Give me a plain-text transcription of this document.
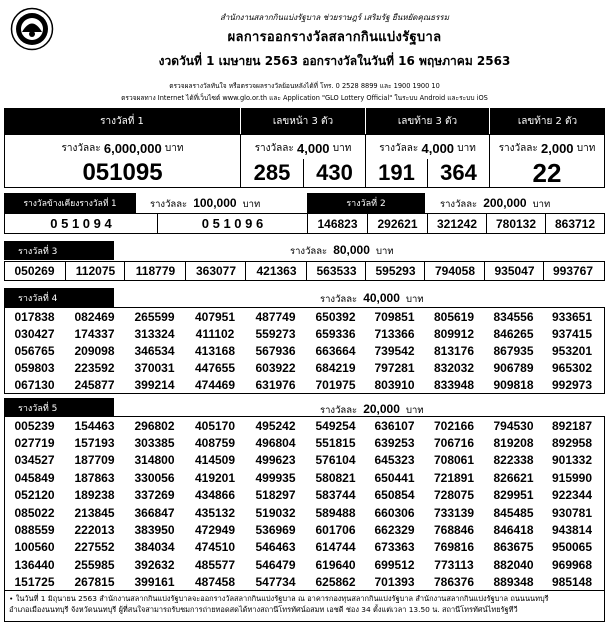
สำนักงานสลากกินแบ่งรัฐบาล ช่วยราษฎร์ เสริมรัฐ ยืนหยัดคุณธรรม
ผลการออกรางวัลสลากกินแบ่งรัฐบาล
งวดวันที่ 1 เมษายน 2563 ออกรางวัลในวันที่ 16 พฤษภาคม 2563
ตรวจผลรางวัลทันใจ หรือตรวจผลรางวัลย้อนหลังได้ที่ โทร. 0 2528 8899 และ 1900 1900 10
ตรวจผลทาง Internet ได้ที่เว็บไซต์ www.glo.or.th และ Application "GLO Lottery Official" ในระบบ Android และระบบ iOS
รางวัลที่ 1	เลขหน้า 3 ตัว	เลขท้าย 3 ตัว	เลขท้าย 2 ตัว
รางวัลละ
6,000,000
บาท
051095
รางวัลละ
4,000
บาท
285	430
รางวัลละ
4,000
บาท
191	364
รางวัลละ
2,000
บาท
22
รางวัลข้างเคียงรางวัลที่ 1	รางวัลละ 100,000 บาท
0 5 1 0 9 4	0 5 1 0 9 6
รางวัลที่ 2	รางวัลละ 200,000 บาท
146823	292621	321242	780132	863712
รางวัลที่ 3	รางวัลละ 80,000 บาท
050269	112075	118779	363077	421363	563533	595293	794058	935047	993767
รางวัลที่ 4	รางวัลละ 40,000 บาท
017838	082469	265599	407951	487749	650392	709851	805619	834556	933651
030427	174337	313324	411102	559273	659336	713366	809912	846265	937415
056765	209098	346534	413168	567936	663664	739542	813176	867935	953201
059803	223592	370031	447655	603922	684219	797281	832032	906789	965302
067130	245877	399214	474469	631976	701975	803910	833948	909818	992973
รางวัลที่ 5	รางวัลละ 20,000 บาท
005239	154463	296802	405170	495242	549254	636107	702166	794530	892187
027719	157193	303385	408759	496804	551815	639253	706716	819208	892958
034527	187709	314800	414509	499623	576104	645323	708061	822338	901332
045849	187863	330056	419201	499935	580821	650441	721891	826621	915990
052120	189238	337269	434866	518297	583744	650854	728075	829951	922344
085022	213845	366847	435132	519032	589488	660306	733139	845485	930781
088559	222013	383950	472949	536969	601706	662329	768846	846418	943814
100560	227552	384034	474510	546463	614744	673363	769816	863675	950065
136440	255985	392632	485577	546479	619640	699512	773113	882040	969968
151725	267815	399161	487458	547734	625862	701393	786376	889348	985148
• ในวันที่ 1 มิถุนายน 2563 สำนักงานสลากกินแบ่งรัฐบาลจะออกรางวัลสลากกินแบ่งรัฐบาล ณ อาคารกองทุนสลากกินแบ่งรัฐบาล สำนักงานสลากกินแบ่งรัฐบาล ถนนนนทบุรี
อำเภอเมืองนนทบุรี จังหวัดนนทบุรี ผู้ที่สนใจสามารถรับชมการถ่ายทอดสดได้ทางสถานีโทรทัศน์อสมท เอชดี ช่อง 34 ตั้งแต่เวลา 13.50 น. สถานีโทรทัศน์ไทยรัฐทีวี
